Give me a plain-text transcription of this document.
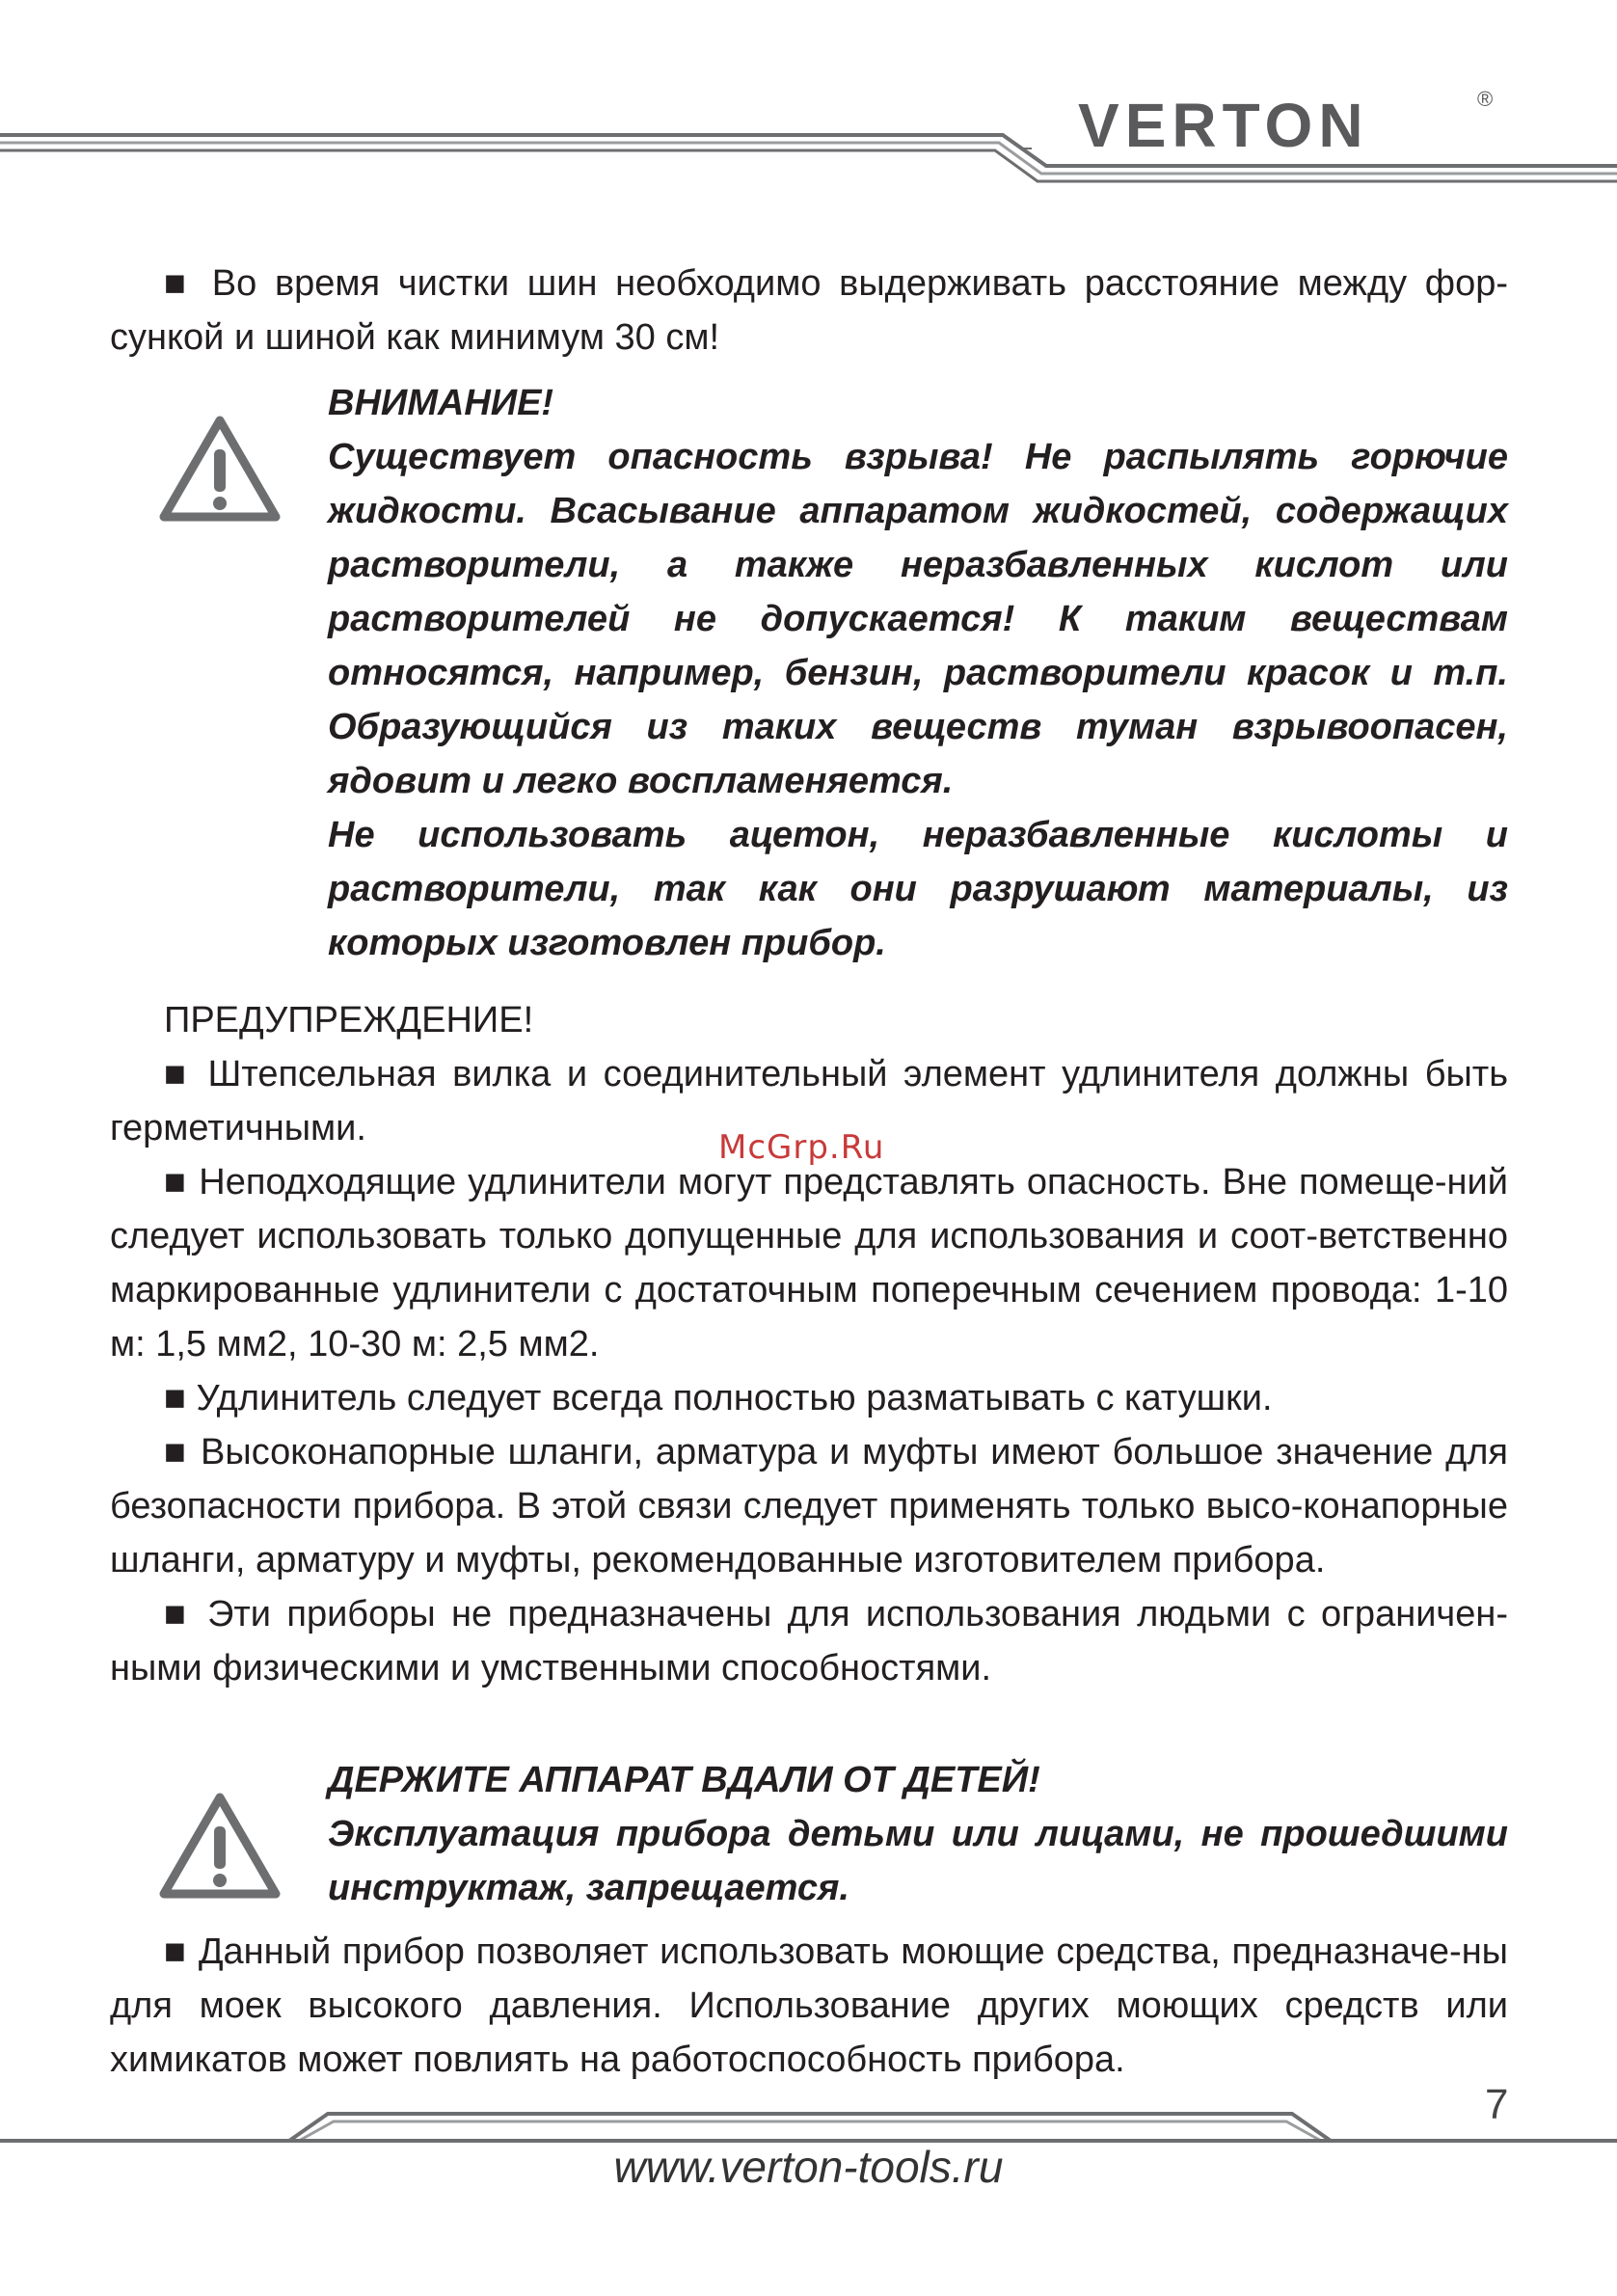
VERTON	®

■ Во время чистки шин необходимо выдерживать расстояние между фор-сункой и шиной как минимум 30 см!

ВНИМАНИЕ!

Существует опасность взрыва! Не распылять горючие жидкости. Всасывание аппаратом жидкостей, содержащих растворители, а также неразбавленных кислот или растворителей не допускается! К таким веществам относятся, например, бензин, растворители красок и т.п. Образующийся из таких веществ туман взрывоопасен, ядовит и легко воспламеняется.

Не использовать ацетон, неразбавленные кислоты и растворители, так как они разрушают материалы, из которых изготовлен прибор.

ПРЕДУПРЕЖДЕНИЕ!

■ Штепсельная вилка и соединительный элемент удлинителя должны быть герметичными.

■ Неподходящие удлинители могут представлять опасность. Вне помеще-ний следует использовать только допущенные для использования и соот-ветственно маркированные удлинители с достаточным поперечным сечением провода: 1-10 м: 1,5 мм2, 10-30 м: 2,5 мм2.

■ Удлинитель следует всегда полностью разматывать с катушки.

■ Высоконапорные шланги, арматура и муфты имеют большое значение для безопасности прибора. В этой связи следует применять только высо-конапорные шланги, арматуру и муфты, рекомендованные изготовителем прибора.

■ Эти приборы не предназначены для использования людьми с ограничен-ными физическими и умственными способностями.

McGrp.Ru

ДЕРЖИТЕ АППАРАТ ВДАЛИ ОТ ДЕТЕЙ!

Эксплуатация прибора детьми или лицами, не прошедшими инструктаж, запрещается.

■ Данный прибор позволяет использовать моющие средства, предназначе-ны для моек высокого давления. Использование других моющих средств или химикатов может повлиять на работоспособность прибора.

7
www.verton-tools.ru
